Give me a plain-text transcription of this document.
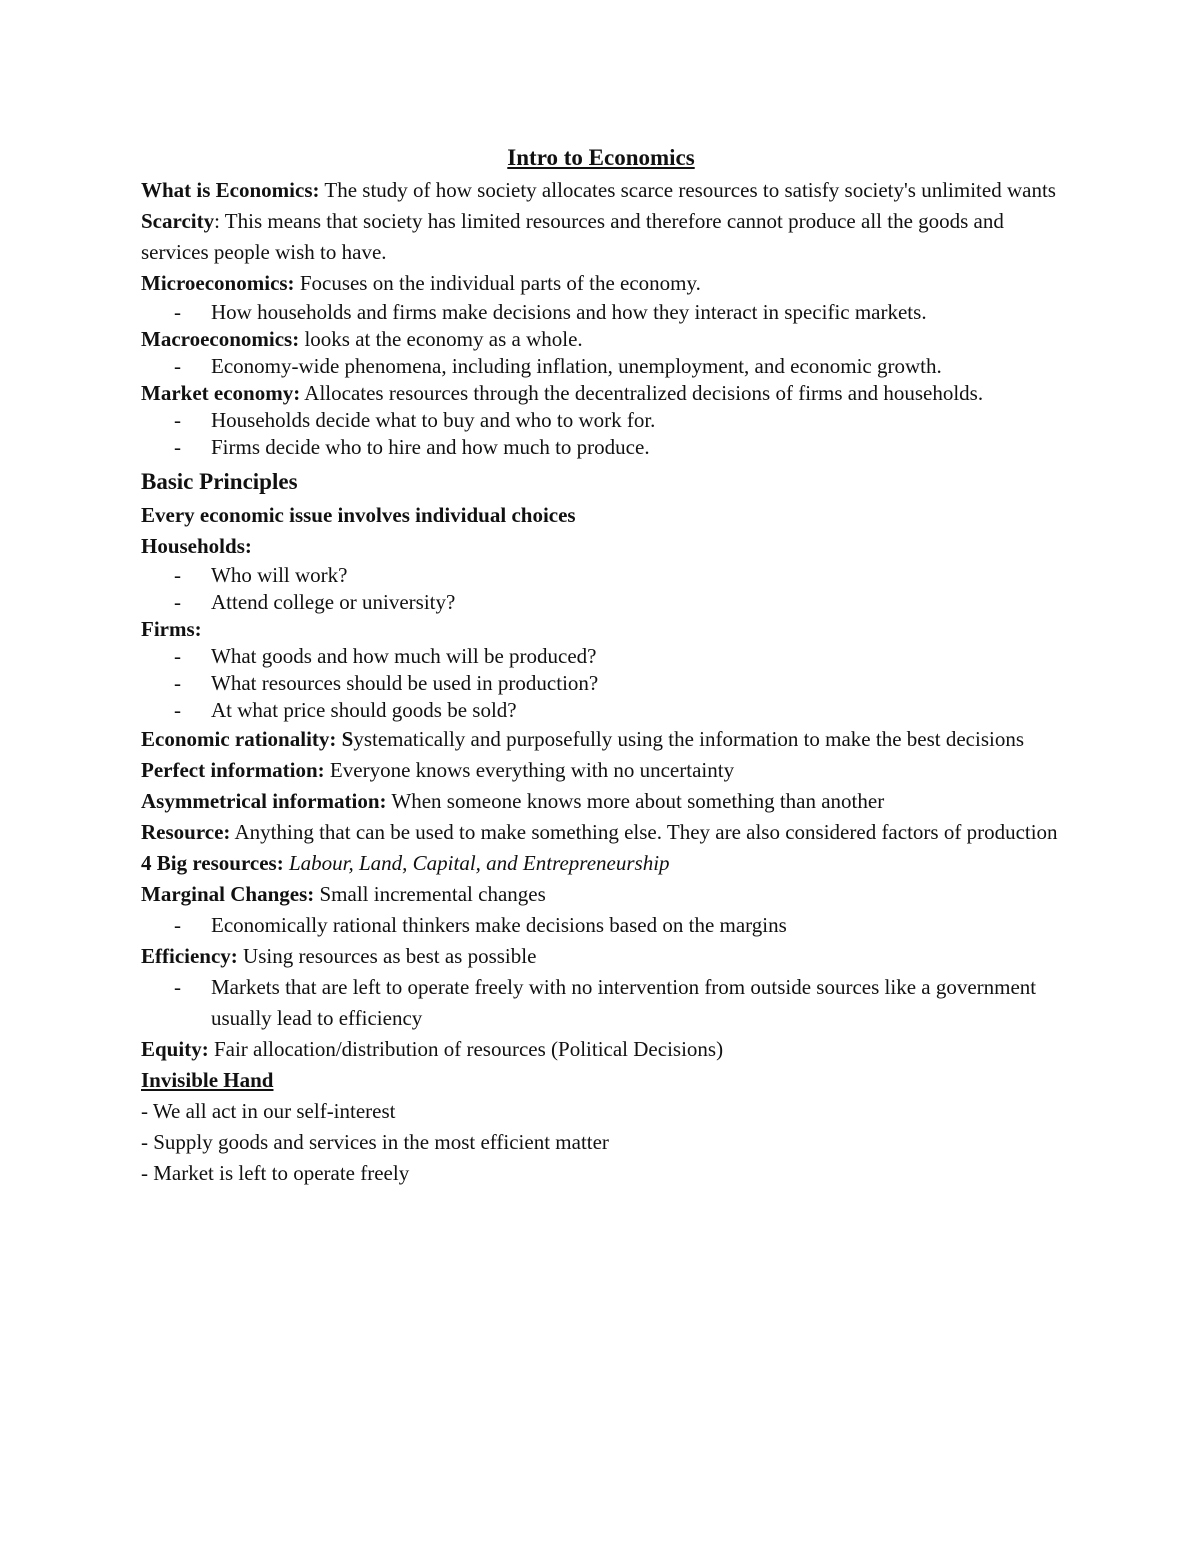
Intro to Economics

What is Economics: The study of how society allocates scarce resources to satisfy society's unlimited wants

Scarcity: This means that society has limited resources and therefore cannot produce all the goods and services people wish to have.

Microeconomics: Focuses on the individual parts of the economy.

- How households and firms make decisions and how they interact in specific markets.

Macroeconomics: looks at the economy as a whole.

- Economy-wide phenomena, including inflation, unemployment, and economic growth.

Market economy: Allocates resources through the decentralized decisions of firms and households.

- Households decide what to buy and who to work for.

- Firms decide who to hire and how much to produce.

Basic Principles

Every economic issue involves individual choices

Households:

- Who will work?

- Attend college or university?

Firms:

- What goods and how much will be produced?

- What resources should be used in production?

- At what price should goods be sold?

Economic rationality: Systematically and purposefully using the information to make the best decisions

Perfect information: Everyone knows everything with no uncertainty

Asymmetrical information: When someone knows more about something than another

Resource: Anything that can be used to make something else. They are also considered factors of production

4 Big resources: Labour, Land, Capital, and Entrepreneurship

Marginal Changes: Small incremental changes

- Economically rational thinkers make decisions based on the margins

Efficiency: Using resources as best as possible

- Markets that are left to operate freely with no intervention from outside sources like a government usually lead to efficiency

Equity: Fair allocation/distribution of resources (Political Decisions)

Invisible Hand

- We all act in our self-interest

- Supply goods and services in the most efficient matter

- Market is left to operate freely
